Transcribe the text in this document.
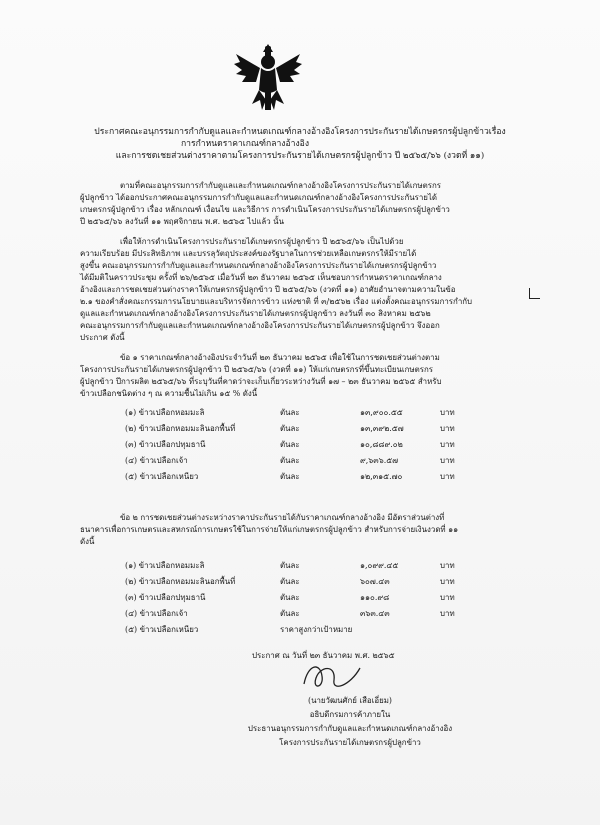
ประกาศคณะอนุกรรมการกำกับดูแลและกำหนดเกณฑ์กลางอ้างอิงโครงการประกันรายได้เกษตรกรผู้ปลูกข้าวเรื่อง
การกำหนดราคาเกณฑ์กลางอ้างอิง
และการชดเชยส่วนต่างราคาตามโครงการประกันรายได้เกษตรกรผู้ปลูกข้าว ปี ๒๕๖๕/๖๖ (งวดที่ ๑๑)
ตามที่คณะอนุกรรมการกำกับดูแลและกำหนดเกณฑ์กลางอ้างอิงโครงการประกันรายได้เกษตรกร
ผู้ปลูกข้าว ได้ออกประกาศคณะอนุกรรมการกำกับดูแลและกำหนดเกณฑ์กลางอ้างอิงโครงการประกันรายได้
เกษตรกรผู้ปลูกข้าว เรื่อง หลักเกณฑ์ เงื่อนไข และวิธีการ การดำเนินโครงการประกันรายได้เกษตรกรผู้ปลูกข้าว
ปี ๒๕๖๕/๖๖ ลงวันที่ ๑๑ พฤศจิกายน พ.ศ. ๒๕๖๕ ไปแล้ว นั้น
เพื่อให้การดำเนินโครงการประกันรายได้เกษตรกรผู้ปลูกข้าว ปี ๒๕๖๕/๖๖ เป็นไปด้วย
ความเรียบร้อย มีประสิทธิภาพ และบรรลุวัตถุประสงค์ของรัฐบาลในการช่วยเหลือเกษตรกรให้มีรายได้
สูงขึ้น คณะอนุกรรมการกำกับดูแลและกำหนดเกณฑ์กลางอ้างอิงโครงการประกันรายได้เกษตรกรผู้ปลูกข้าว
ได้มีมติในคราวประชุม ครั้งที่ ๒๖/๒๕๖๕ เมื่อวันที่ ๒๓ ธันวาคม ๒๕๖๕ เห็นชอบการกำหนดราคาเกณฑ์กลาง
อ้างอิงและการชดเชยส่วนต่างราคาให้เกษตรกรผู้ปลูกข้าว ปี ๒๕๖๕/๖๖ (งวดที่ ๑๑) อาศัยอำนาจตามความในข้อ
๒.๑ ของคำสั่งคณะกรรมการนโยบายและบริหารจัดการข้าว แห่งชาติ ที่ ๓/๒๕๖๒ เรื่อง แต่งตั้งคณะอนุกรรมการกำกับ
ดูแลและกำหนดเกณฑ์กลางอ้างอิงโครงการประกันรายได้เกษตรกรผู้ปลูกข้าว ลงวันที่ ๓๐ สิงหาคม ๒๕๖๒
คณะอนุกรรมการกำกับดูแลและกำหนดเกณฑ์กลางอ้างอิงโครงการประกันรายได้เกษตรกรผู้ปลูกข้าว จึงออก
ประกาศ ดังนี้
ข้อ ๑ ราคาเกณฑ์กลางอ้างอิงประจำวันที่ ๒๓ ธันวาคม ๒๕๖๕ เพื่อใช้ในการชดเชยส่วนต่างตาม
โครงการประกันรายได้เกษตรกรผู้ปลูกข้าว ปี ๒๕๖๕/๖๖ (งวดที่ ๑๑) ให้แก่เกษตรกรที่ขึ้นทะเบียนเกษตรกร
ผู้ปลูกข้าว ปีการผลิต ๒๕๖๕/๖๖ ที่ระบุวันที่คาดว่าจะเก็บเกี่ยวระหว่างวันที่ ๑๗ – ๒๓ ธันวาคม ๒๕๖๕ สำหรับ
ข้าวเปลือกชนิดต่าง ๆ ณ ความชื้นไม่เกิน ๑๕ % ดังนี้
(๑) ข้าวเปลือกหอมมะลิ	ตันละ	๑๓,๙๐๐.๕๕	บาท
(๒) ข้าวเปลือกหอมมะลินอกพื้นที่	ตันละ	๑๓,๓๙๒.๕๗	บาท
(๓) ข้าวเปลือกปทุมธานี	ตันละ	๑๐,๘๘๙.๐๒	บาท
(๔) ข้าวเปลือกเจ้า	ตันละ	๙,๖๓๖.๕๗	บาท
(๕) ข้าวเปลือกเหนียว	ตันละ	๑๒,๓๑๕.๗๐	บาท
ข้อ ๒ การชดเชยส่วนต่างระหว่างราคาประกันรายได้กับราคาเกณฑ์กลางอ้างอิง มีอัตราส่วนต่างที่
ธนาคารเพื่อการเกษตรและสหกรณ์การเกษตรใช้ในการจ่ายให้แก่เกษตรกรผู้ปลูกข้าว สำหรับการจ่ายเงินงวดที่ ๑๑
ดังนี้
(๑) ข้าวเปลือกหอมมะลิ	ตันละ	๑,๐๙๙.๔๕	บาท
(๒) ข้าวเปลือกหอมมะลินอกพื้นที่	ตันละ	๖๐๗.๔๓	บาท
(๓) ข้าวเปลือกปทุมธานี	ตันละ	๑๑๐.๙๘	บาท
(๔) ข้าวเปลือกเจ้า	ตันละ	๓๖๓.๔๓	บาท
(๕) ข้าวเปลือกเหนียว	ราคาสูงกว่าเป้าหมาย
ประกาศ ณ วันที่ ๒๓ ธันวาคม พ.ศ. ๒๕๖๕
(นายวัฒนศักย์ เสือเอี่ยม)
อธิบดีกรมการค้าภายใน
ประธานอนุกรรมการกำกับดูแลและกำหนดเกณฑ์กลางอ้างอิง
โครงการประกันรายได้เกษตรกรผู้ปลูกข้าว
